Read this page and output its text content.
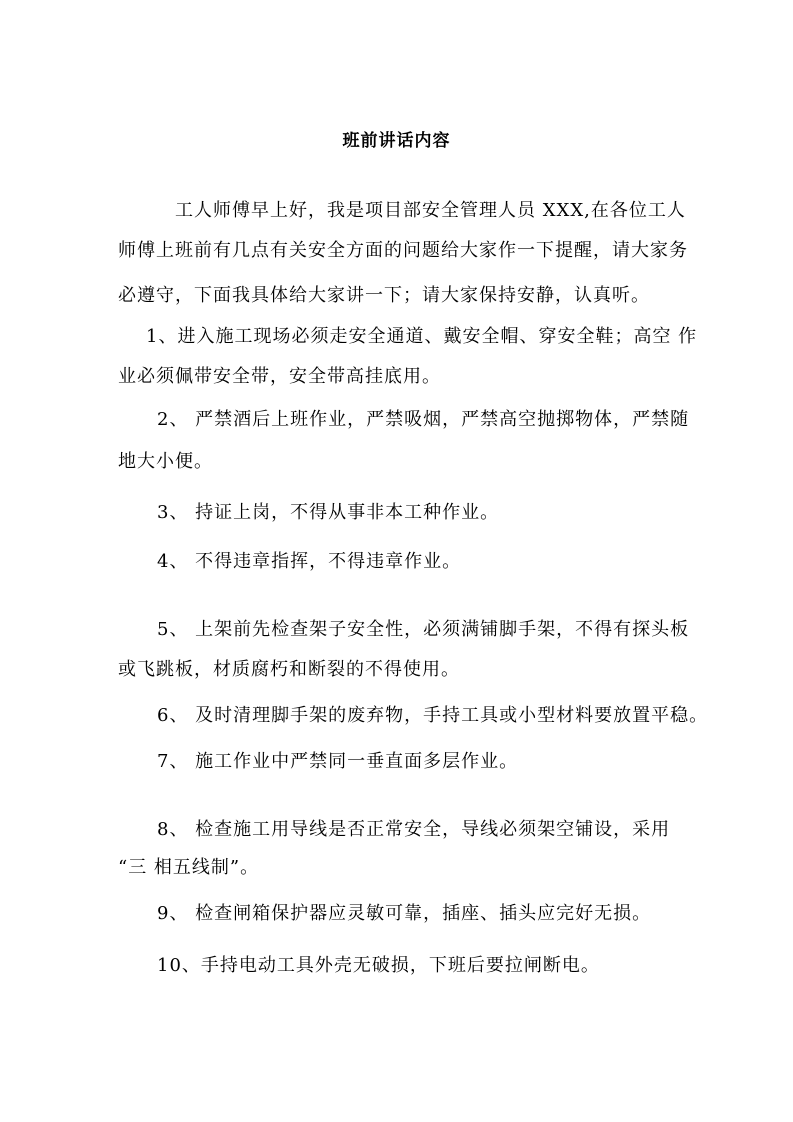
班前讲话内容
工人师傅早上好，我是项目部安全管理人员 XXX,在各位工人
师傅上班前有几点有关安全方面的问题给大家作一下提醒，请大家务
必遵守，下面我具体给大家讲一下；请大家保持安静，认真听。
1、进入施工现场必须走安全通道、戴安全帽、穿安全鞋；高空 作
业必须佩带安全带，安全带高挂底用。
2、 严禁酒后上班作业，严禁吸烟，严禁高空抛掷物体，严禁随
地大小便。
3、 持证上岗，不得从事非本工种作业。
4、 不得违章指挥，不得违章作业。
5、 上架前先检查架子安全性，必须满铺脚手架，不得有探头板
或飞跳板，材质腐朽和断裂的不得使用。
6、 及时清理脚手架的废弃物，手持工具或小型材料要放置平稳。
7、 施工作业中严禁同一垂直面多层作业。
8、 检查施工用导线是否正常安全，导线必须架空铺设，采用
“三 相五线制”。
9、 检查闸箱保护器应灵敏可靠，插座、插头应完好无损。
10、手持电动工具外壳无破损，下班后要拉闸断电。
